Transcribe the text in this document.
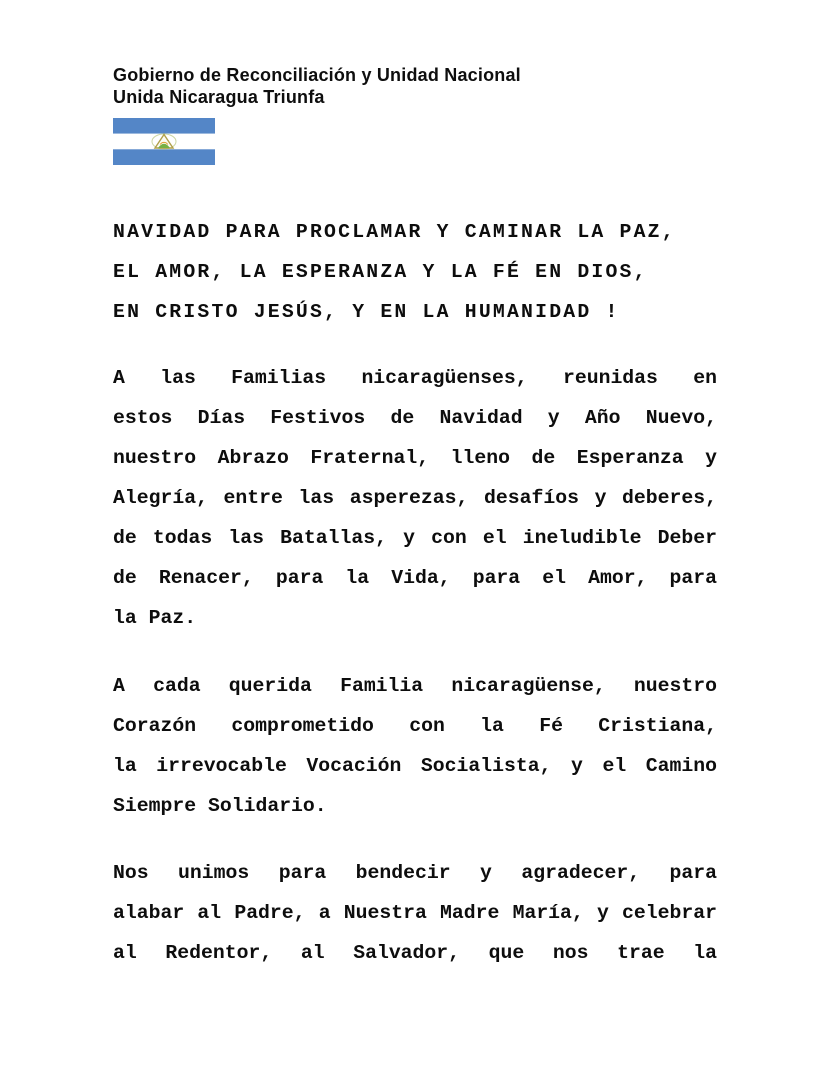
Gobierno de Reconciliación y Unidad Nacional
Unida Nicaragua Triunfa
NAVIDAD PARA PROCLAMAR Y CAMINAR LA PAZ,
EL AMOR, LA ESPERANZA Y LA FÉ EN DIOS,
EN CRISTO JESÚS, Y EN LA HUMANIDAD !
A las Familias nicaragüenses, reunidas en
estos Días Festivos de Navidad y Año Nuevo,
nuestro Abrazo Fraternal, lleno de Esperanza y
Alegría, entre las asperezas, desafíos y deberes,
de todas las Batallas, y con el ineludible Deber
de Renacer, para la Vida, para el Amor, para
la Paz.
A cada querida Familia nicaragüense, nuestro
Corazón comprometido con la Fé Cristiana,
la irrevocable Vocación Socialista, y el Camino
Siempre Solidario.
Nos unimos para bendecir y agradecer, para
alabar al Padre, a Nuestra Madre María, y celebrar
al Redentor, al Salvador, que nos trae la
